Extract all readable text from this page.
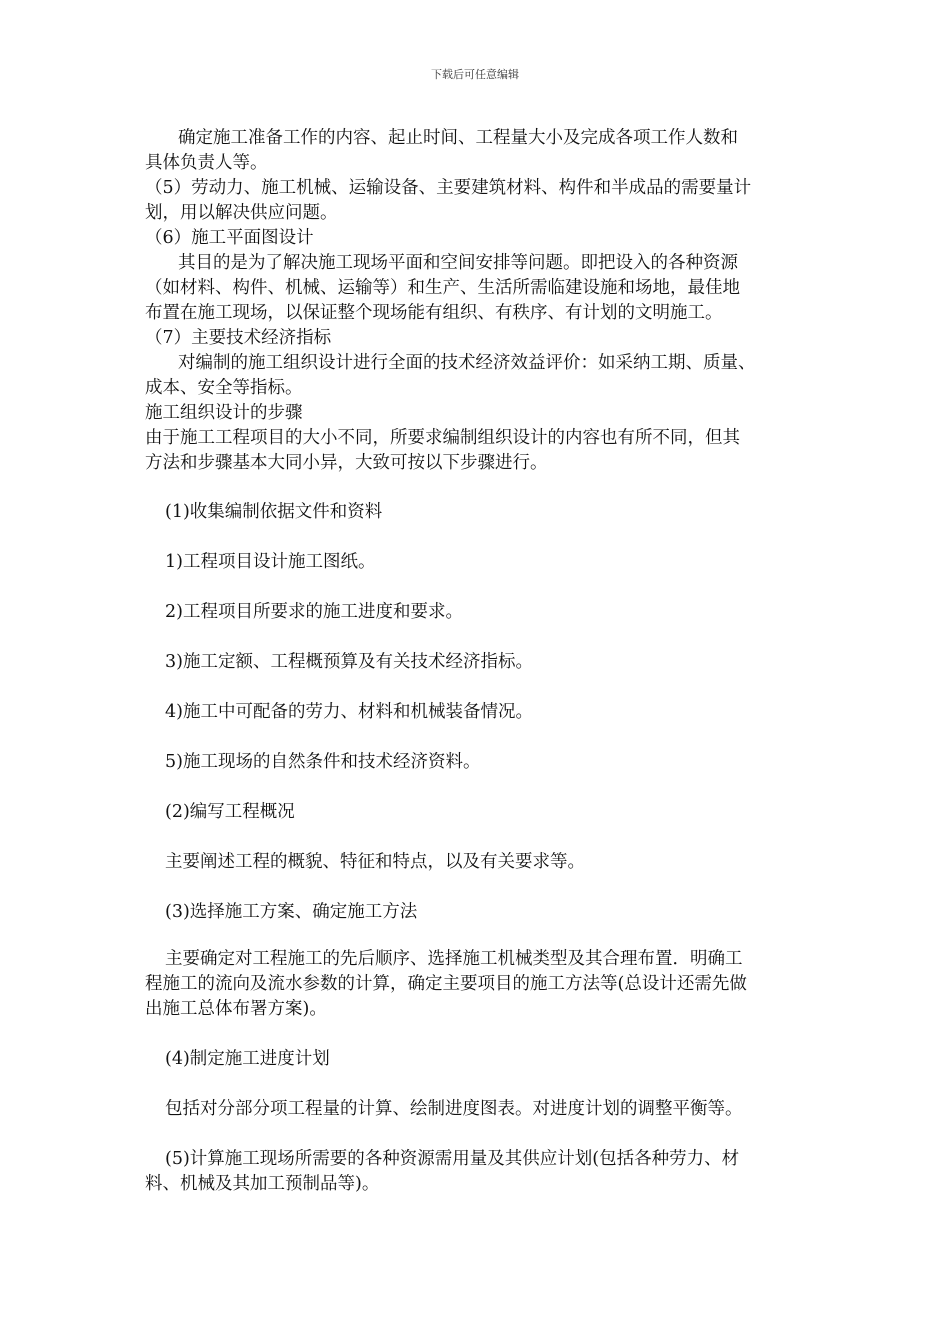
下载后可任意编辑
确定施工准备工作的内容、起止时间、工程量大小及完成各项工作人数和
具体负责人等。
（5）劳动力、施工机械、运输设备、主要建筑材料、构件和半成品的需要量计
划，用以解决供应问题。
（6）施工平面图设计
其目的是为了解决施工现场平面和空间安排等问题。即把设入的各种资源
（如材料、构件、机械、运输等）和生产、生活所需临建设施和场地，最佳地
布置在施工现场，以保证整个现场能有组织、有秩序、有计划的文明施工。
（7）主要技术经济指标
对编制的施工组织设计进行全面的技术经济效益评价：如采纳工期、质量、
成本、安全等指标。
施工组织设计的步骤
由于施工工程项目的大小不同，所要求编制组织设计的内容也有所不同，但其
方法和步骤基本大同小异，大致可按以下步骤进行。
(1)收集编制依据文件和资料
1)工程项目设计施工图纸。
2)工程项目所要求的施工进度和要求。
3)施工定额、工程概预算及有关技术经济指标。
4)施工中可配备的劳力、材料和机械装备情况。
5)施工现场的自然条件和技术经济资料。
(2)编写工程概况
主要阐述工程的概貌、特征和特点，以及有关要求等。
(3)选择施工方案、确定施工方法
主要确定对工程施工的先后顺序、选择施工机械类型及其合理布置．明确工
程施工的流向及流水参数的计算，确定主要项目的施工方法等(总设计还需先做
出施工总体布署方案)。
(4)制定施工进度计划
包括对分部分项工程量的计算、绘制进度图表。对进度计划的调整平衡等。
(5)计算施工现场所需要的各种资源需用量及其供应计划(包括各种劳力、材
料、机械及其加工预制品等)。
